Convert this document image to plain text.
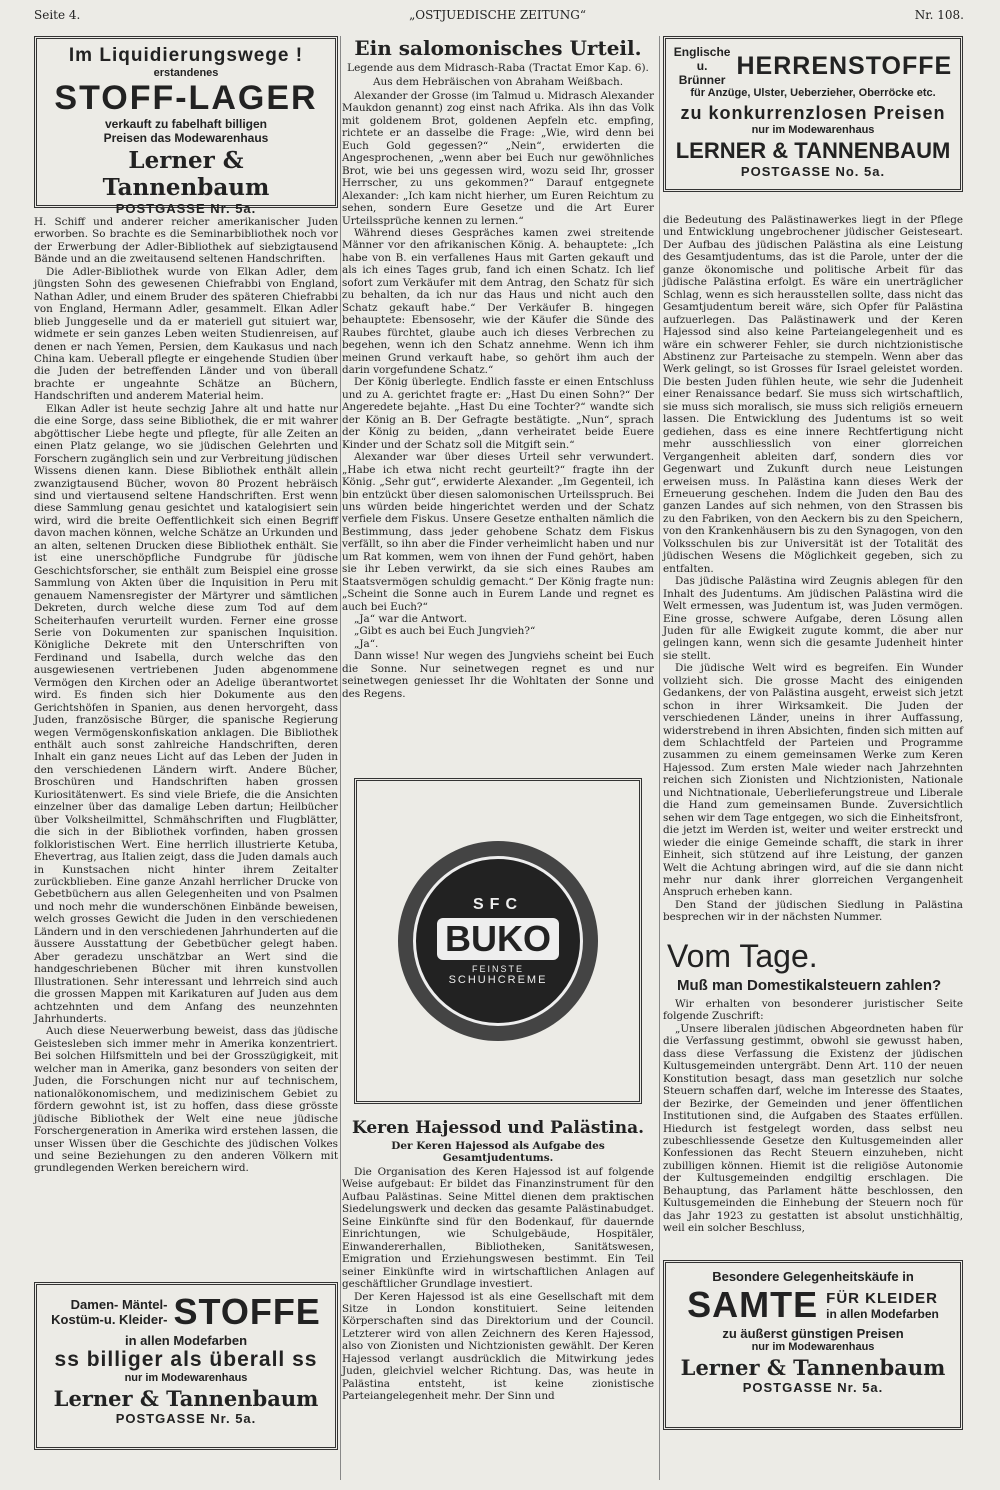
Seite 4.	„OSTJUEDISCHE ZEITUNG“	Nr. 108.
Im Liquidierungswege !
erstandenes
STOFF-LAGER
verkauft zu fabelhaft billigen
Preisen das Modewarenhaus
Lerner & Tannenbaum
POSTGASSE Nr. 5a.

H. Schiff und anderer reicher amerikanischer Juden erworben. So brachte es die Seminarbibliothek noch vor der Erwerbung der Adler-Bibliothek auf siebzigtausend Bände und an die zweitausend seltenen Handschriften.

Die Adler-Bibliothek wurde von Elkan Adler, dem jüngsten Sohn des gewesenen Chiefrabbi von England, Nathan Adler, und einem Bruder des späteren Chiefrabbi von England, Hermann Adler, gesammelt. Elkan Adler blieb Junggeselle und da er materiell gut situiert war, widmete er sein ganzes Leben weiten Studienreisen, auf denen er nach Yemen, Persien, dem Kaukasus und nach China kam. Ueberall pflegte er eingehende Studien über die Juden der betreffenden Länder und von überall brachte er ungeahnte Schätze an Büchern, Handschriften und anderem Material heim.

Elkan Adler ist heute sechzig Jahre alt und hatte nur die eine Sorge, dass seine Bibliothek, die er mit wahrer abgöttischer Liebe hegte und pflegte, für alle Zeiten an einen Platz gelange, wo sie jüdischen Gelehrten und Forschern zugänglich sein und zur Verbreitung jüdischen Wissens dienen kann. Diese Bibliothek enthält allein zwanzigtausend Bücher, wovon 80 Prozent hebräisch sind und viertausend seltene Handschriften. Erst wenn diese Sammlung genau gesichtet und katalogisiert sein wird, wird die breite Oeffentlichkeit sich einen Begriff davon machen können, welche Schätze an Urkunden und an alten, seltenen Drucken diese Bibliothek enthält. Sie ist eine unerschöpfliche Fundgrube für jüdische Geschichtsforscher, sie enthält zum Beispiel eine grosse Sammlung von Akten über die Inquisition in Peru mit genauem Namensregister der Märtyrer und sämtlichen Dekreten, durch welche diese zum Tod auf dem Scheiterhaufen verurteilt wurden. Ferner eine grosse Serie von Dokumenten zur spanischen Inquisition. Königliche Dekrete mit den Unterschriften von Ferdinand und Isabella, durch welche das den ausgewiesenen vertriebenen Juden abgenommene Vermögen den Kirchen oder an Adelige überantwortet wird. Es finden sich hier Dokumente aus den Gerichtshöfen in Spanien, aus denen hervorgeht, dass Juden, französische Bürger, die spanische Regierung wegen Vermögenskonfiskation anklagen. Die Bibliothek enthält auch sonst zahlreiche Handschriften, deren Inhalt ein ganz neues Licht auf das Leben der Juden in den verschiedenen Ländern wirft. Andere Bücher, Broschüren und Handschriften haben grossen Kuriositätenwert. Es sind viele Briefe, die die Ansichten einzelner über das damalige Leben dartun; Heilbücher über Volksheilmittel, Schmähschriften und Flugblätter, die sich in der Bibliothek vorfinden, haben grossen folkloristischen Wert. Eine herrlich illustrierte Ketuba, Ehevertrag, aus Italien zeigt, dass die Juden damals auch in Kunstsachen nicht hinter ihrem Zeitalter zurückblieben. Eine ganze Anzahl herrlicher Drucke von Gebetbüchern aus allen Gelegenheiten und von Psalmen und noch mehr die wunderschönen Einbände beweisen, welch grosses Gewicht die Juden in den verschiedenen Ländern und in den verschiedenen Jahrhunderten auf die äussere Ausstattung der Gebetbücher gelegt haben. Aber geradezu unschätzbar an Wert sind die handgeschriebenen Bücher mit ihren kunstvollen Illustrationen. Sehr interessant und lehrreich sind auch die grossen Mappen mit Karikaturen auf Juden aus dem achtzehnten und dem Anfang des neunzehnten Jahrhunderts.

Auch diese Neuerwerbung beweist, dass das jüdische Geistesleben sich immer mehr in Amerika konzentriert. Bei solchen Hilfsmitteln und bei der Grosszügigkeit, mit welcher man in Amerika, ganz besonders von seiten der Juden, die Forschungen nicht nur auf technischem, nationalökonomischem, und medizinischem Gebiet zu fördern gewohnt ist, ist zu hoffen, dass diese grösste jüdische Bibliothek der Welt eine neue jüdische Forschergeneration in Amerika wird erstehen lassen, die unser Wissen über die Geschichte des jüdischen Volkes und seine Beziehungen zu den anderen Völkern mit grundlegenden Werken bereichern wird.

Damen- Mäntel-
Kostüm-u. Kleider- STOFFE
in allen Modefarben
ss billiger als überall ss
nur im Modewarenhaus
Lerner & Tannenbaum
POSTGASSE Nr. 5a.
Ein salomonisches Urteil.
Legende aus dem Midrasch-Raba (Tractat Emor Kap. 6).
Aus dem Hebräischen von Abraham Weißbach.

Alexander der Grosse (im Talmud u. Midrasch Alexander Maukdon genannt) zog einst nach Afrika. Als ihn das Volk mit goldenem Brot, goldenen Aepfeln etc. empfing, richtete er an dasselbe die Frage: „Wie, wird denn bei Euch Gold gegessen?“ „Nein“, erwiderten die Angesprochenen, „wenn aber bei Euch nur gewöhnliches Brot, wie bei uns gegessen wird, wozu seid Ihr, grosser Herrscher, zu uns gekommen?“ Darauf entgegnete Alexander: „Ich kam nicht hierher, um Euren Reichtum zu sehen, sondern Eure Gesetze und die Art Eurer Urteilssprüche kennen zu lernen.“

Während dieses Gespräches kamen zwei streitende Männer vor den afrikanischen König. A. behauptete: „Ich habe von B. ein verfallenes Haus mit Garten gekauft und als ich eines Tages grub, fand ich einen Schatz. Ich lief sofort zum Verkäufer mit dem Antrag, den Schatz für sich zu behalten, da ich nur das Haus und nicht auch den Schatz gekauft habe.“ Der Verkäufer B. hingegen behauptete: Ebensosehr, wie der Käufer die Sünde des Raubes fürchtet, glaube auch ich dieses Verbrechen zu begehen, wenn ich den Schatz annehme. Wenn ich ihm meinen Grund verkauft habe, so gehört ihm auch der darin vorgefundene Schatz.“

Der König überlegte. Endlich fasste er einen Entschluss und zu A. gerichtet fragte er: „Hast Du einen Sohn?“ Der Angeredete bejahte. „Hast Du eine Tochter?“ wandte sich der König an B. Der Gefragte bestätigte. „Nun“, sprach der König zu beiden, „dann verheiratet beide Euere Kinder und der Schatz soll die Mitgift sein.“

Alexander war über dieses Urteil sehr verwundert. „Habe ich etwa nicht recht geurteilt?“ fragte ihn der König. „Sehr gut“, erwiderte Alexander. „Im Gegenteil, ich bin entzückt über diesen salomonischen Urteilsspruch. Bei uns würden beide hingerichtet werden und der Schatz verfiele dem Fiskus. Unsere Gesetze enthalten nämlich die Bestimmung, dass jeder gehobene Schatz dem Fiskus verfällt, so ihn aber die Finder verheimlicht haben und nur um Rat kommen, wem von ihnen der Fund gehört, haben sie ihr Leben verwirkt, da sie sich eines Raubes am Staatsvermögen schuldig gemacht.“ Der König fragte nun: „Scheint die Sonne auch in Eurem Lande und regnet es auch bei Euch?“

„Ja“ war die Antwort.

„Gibt es auch bei Euch Jungvieh?“

„Ja“.

Dann wisse! Nur wegen des Jungviehs scheint bei Euch die Sonne. Nur seinetwegen regnet es und nur seinetwegen geniesset Ihr die Wohltaten der Sonne und des Regens.

SFC
BUKO
FEINSTE
SCHUHCREME
Keren Hajessod und Palästina.
Der Keren Hajessod als Aufgabe des Gesamtjudentums.

Die Organisation des Keren Hajessod ist auf folgende Weise aufgebaut: Er bildet das Finanzinstrument für den Aufbau Palästinas. Seine Mittel dienen dem praktischen Siedelungswerk und decken das gesamte Palästinabudget. Seine Einkünfte sind für den Bodenkauf, für dauernde Einrichtungen, wie Schulgebäude, Hospitäler, Einwandererhallen, Bibliotheken, Sanitätswesen, Emigration und Erziehungswesen bestimmt. Ein Teil seiner Einkünfte wird in wirtschaftlichen Anlagen auf geschäftlicher Grundlage investiert.

Der Keren Hajessod ist als eine Gesellschaft mit dem Sitze in London konstituiert. Seine leitenden Körperschaften sind das Direktorium und der Council. Letzterer wird von allen Zeichnern des Keren Hajessod, also von Zionisten und Nichtzionisten gewählt. Der Keren Hajessod verlangt ausdrücklich die Mitwirkung jedes Juden, gleichviel welcher Richtung. Das, was heute in Palästina entsteht, ist keine zionistische Parteiangelegenheit mehr. Der Sinn und

Englische u.
Brünner
HERRENSTOFFE
für Anzüge, Ulster, Ueberzieher, Oberröcke etc.
zu konkurrenzlosen Preisen
nur im Modewarenhaus
LERNER & TANNENBAUM
POSTGASSE No. 5a.

die Bedeutung des Palästinawerkes liegt in der Pflege und Entwicklung ungebrochener jüdischer Geisteseart. Der Aufbau des jüdischen Palästina als eine Leistung des Gesamtjudentums, das ist die Parole, unter der die ganze ökonomische und politische Arbeit für das jüdische Palästina erfolgt. Es wäre ein unerträglicher Schlag, wenn es sich herausstellen sollte, dass nicht das Gesamtjudentum bereit wäre, sich Opfer für Palästina aufzuerlegen. Das Palästinawerk und der Keren Hajessod sind also keine Parteiangelegenheit und es wäre ein schwerer Fehler, sie durch nichtzionistische Abstinenz zur Parteisache zu stempeln. Wenn aber das Werk gelingt, so ist Grosses für Israel geleistet worden. Die besten Juden fühlen heute, wie sehr die Judenheit einer Renaissance bedarf. Sie muss sich wirtschaftlich, sie muss sich moralisch, sie muss sich religiös erneuern lassen. Die Entwicklung des Judentums ist so weit gediehen, dass es eine innere Rechtfertigung nicht mehr ausschliesslich von einer glorreichen Vergangenheit ableiten darf, sondern dies vor Gegenwart und Zukunft durch neue Leistungen erweisen muss. In Palästina kann dieses Werk der Erneuerung geschehen. Indem die Juden den Bau des ganzen Landes auf sich nehmen, von den Strassen bis zu den Fabriken, von den Aeckern bis zu den Speichern, von den Krankenhäusern bis zu den Synagogen, von den Volksschulen bis zur Universität ist der Totalität des jüdischen Wesens die Möglichkeit gegeben, sich zu entfalten.

Das jüdische Palästina wird Zeugnis ablegen für den Inhalt des Judentums. Am jüdischen Palästina wird die Welt ermessen, was Judentum ist, was Juden vermögen. Eine grosse, schwere Aufgabe, deren Lösung allen Juden für alle Ewigkeit zugute kommt, die aber nur gelingen kann, wenn sich die gesamte Judenheit hinter sie stellt.

Die jüdische Welt wird es begreifen. Ein Wunder vollzieht sich. Die grosse Macht des einigenden Gedankens, der von Palästina ausgeht, erweist sich jetzt schon in ihrer Wirksamkeit. Die Juden der verschiedenen Länder, uneins in ihrer Auffassung, widerstrebend in ihren Absichten, finden sich mitten auf dem Schlachtfeld der Parteien und Programme zusammen zu einem gemeinsamen Werke zum Keren Hajessod. Zum ersten Male wieder nach Jahrzehnten reichen sich Zionisten und Nichtzionisten, Nationale und Nichtnationale, Ueberlieferungstreue und Liberale die Hand zum gemeinsamen Bunde. Zuversichtlich sehen wir dem Tage entgegen, wo sich die Einheitsfront, die jetzt im Werden ist, weiter und weiter erstreckt und wieder die einige Gemeinde schafft, die stark in ihrer Einheit, sich stützend auf ihre Leistung, der ganzen Welt die Achtung abringen wird, auf die sie dann nicht mehr nur dank ihrer glorreichen Vergangenheit Anspruch erheben kann.

Den Stand der jüdischen Siedlung in Palästina besprechen wir in der nächsten Nummer.

Vom Tage.
Muß man Domestikalsteuern zahlen?

Wir erhalten von besonderer juristischer Seite folgende Zuschrift:

„Unsere liberalen jüdischen Abgeordneten haben für die Verfassung gestimmt, obwohl sie gewusst haben, dass diese Verfassung die Existenz der jüdischen Kultusgemeinden untergräbt. Denn Art. 110 der neuen Konstitution besagt, dass man gesetzlich nur solche Steuern schaffen darf, welche im Interesse des Staates, der Bezirke, der Gemeinden und jener öffentlichen Institutionen sind, die Aufgaben des Staates erfüllen. Hiedurch ist festgelegt worden, dass selbst neu zubeschliessende Gesetze den Kultusgemeinden aller Konfessionen das Recht Steuern einzuheben, nicht zubilligen können. Hiemit ist die religiöse Autonomie der Kultusgemeinden endgiltig erschlagen. Die Behauptung, das Parlament hätte beschlossen, den Kultusgemeinden die Einhebung der Steuern noch für das Jahr 1923 zu gestatten ist absolut unstichhältig, weil ein solcher Beschluss,

Besondere Gelegenheitskäufe in
SAMTE FÜR KLEIDER
in allen Modefarben
zu äußerst günstigen Preisen
nur im Modewarenhaus
Lerner & Tannenbaum
POSTGASSE Nr. 5a.
